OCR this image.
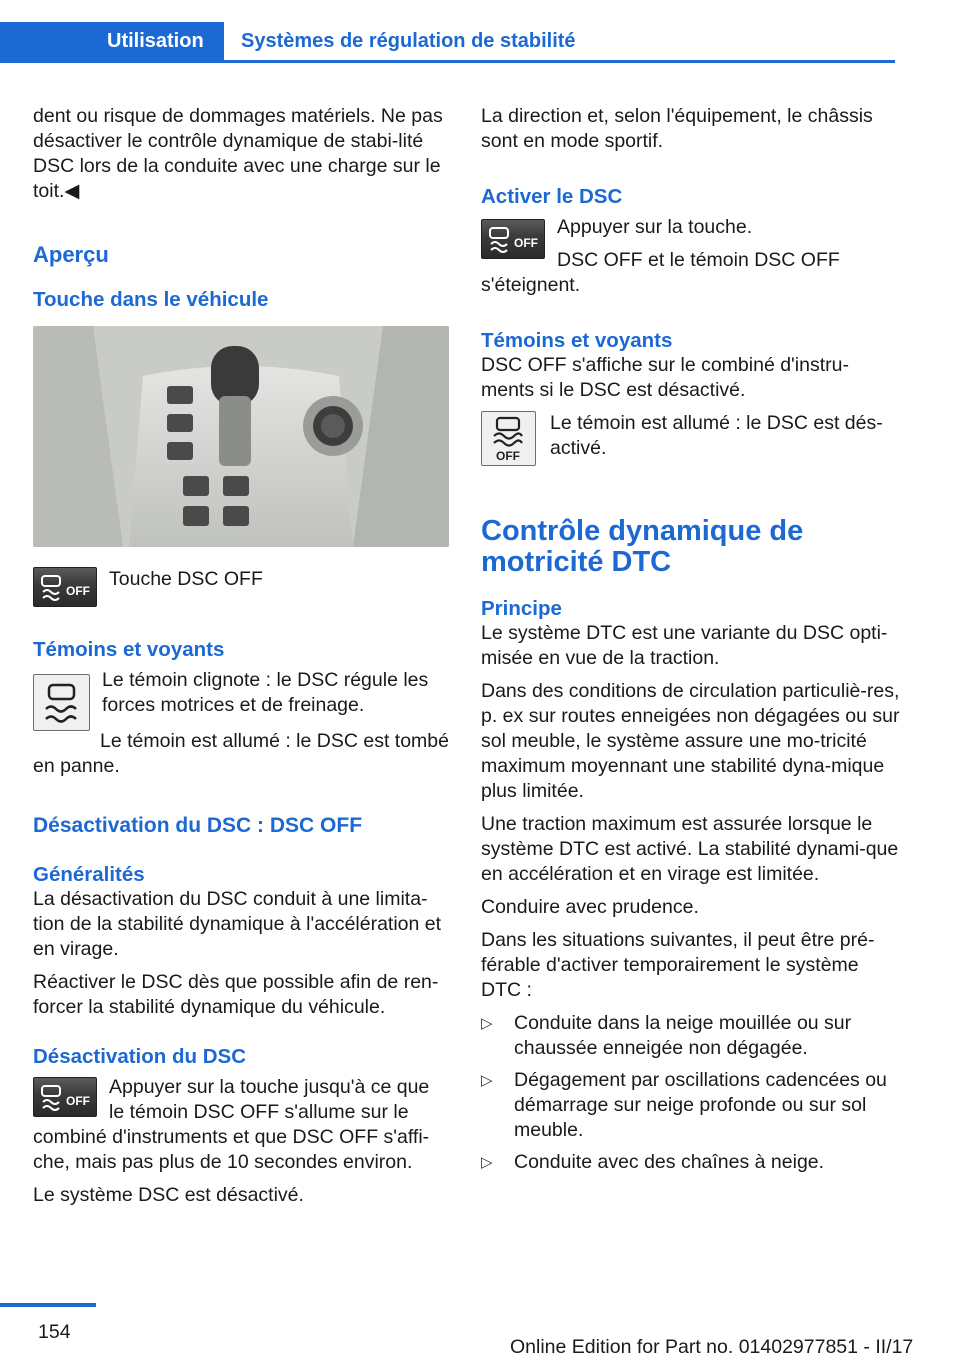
Utilisation Systèmes de régulation de stabilité

dent ou risque de dommages matériels. Ne pas désactiver le contrôle dynamique de stabi‐lité DSC lors de la conduite avec une charge sur le toit.◀

Aperçu
Touche dans le véhicule
OFF
Touche DSC OFF
Témoins et voyants

Le témoin clignote : le DSC régule les forces motrices et de freinage.

Le témoin est allumé : le DSC est tombé en panne.

Désactivation du DSC : DSC OFF
Généralités

La désactivation du DSC conduit à une limita‐tion de la stabilité dynamique à l'accélération et en virage.

Réactiver le DSC dès que possible afin de ren‐forcer la stabilité dynamique du véhicule.

Désactivation du DSC
OFF

Appuyer sur la touche jusqu'à ce que le témoin DSC OFF s'allume sur le combiné d'instruments et que DSC OFF s'affi‐che, mais pas plus de 10 secondes environ.

Le système DSC est désactivé.

La direction et, selon l'équipement, le châssis sont en mode sportif.

Activer le DSC
OFF

Appuyer sur la touche.

DSC OFF et le témoin DSC OFF s'éteignent.

Témoins et voyants

DSC OFF s'affiche sur le combiné d'instru‐ments si le DSC est désactivé.

OFF
Le témoin est allumé : le DSC est dés‐activé.
Contrôle dynamique de motricité DTC
Principe

Le système DTC est une variante du DSC opti‐misée en vue de la traction.

Dans des conditions de circulation particuliè‐res, p. ex sur routes enneigées non dégagées ou sur sol meuble, le système assure une mo‐tricité maximum moyennant une stabilité dyna‐mique plus limitée.

Une traction maximum est assurée lorsque le système DTC est activé. La stabilité dynami‐que en accélération et en virage est limitée.

Conduire avec prudence.

Dans les situations suivantes, il peut être pré‐férable d'activer temporairement le système DTC :

▷ Conduite dans la neige mouillée ou sur chaussée enneigée non dégagée.
▷ Dégagement par oscillations cadencées ou démarrage sur neige profonde ou sur sol meuble.
▷ Conduite avec des chaînes à neige.
154
Online Edition for Part no. 01402977851 - II/17
